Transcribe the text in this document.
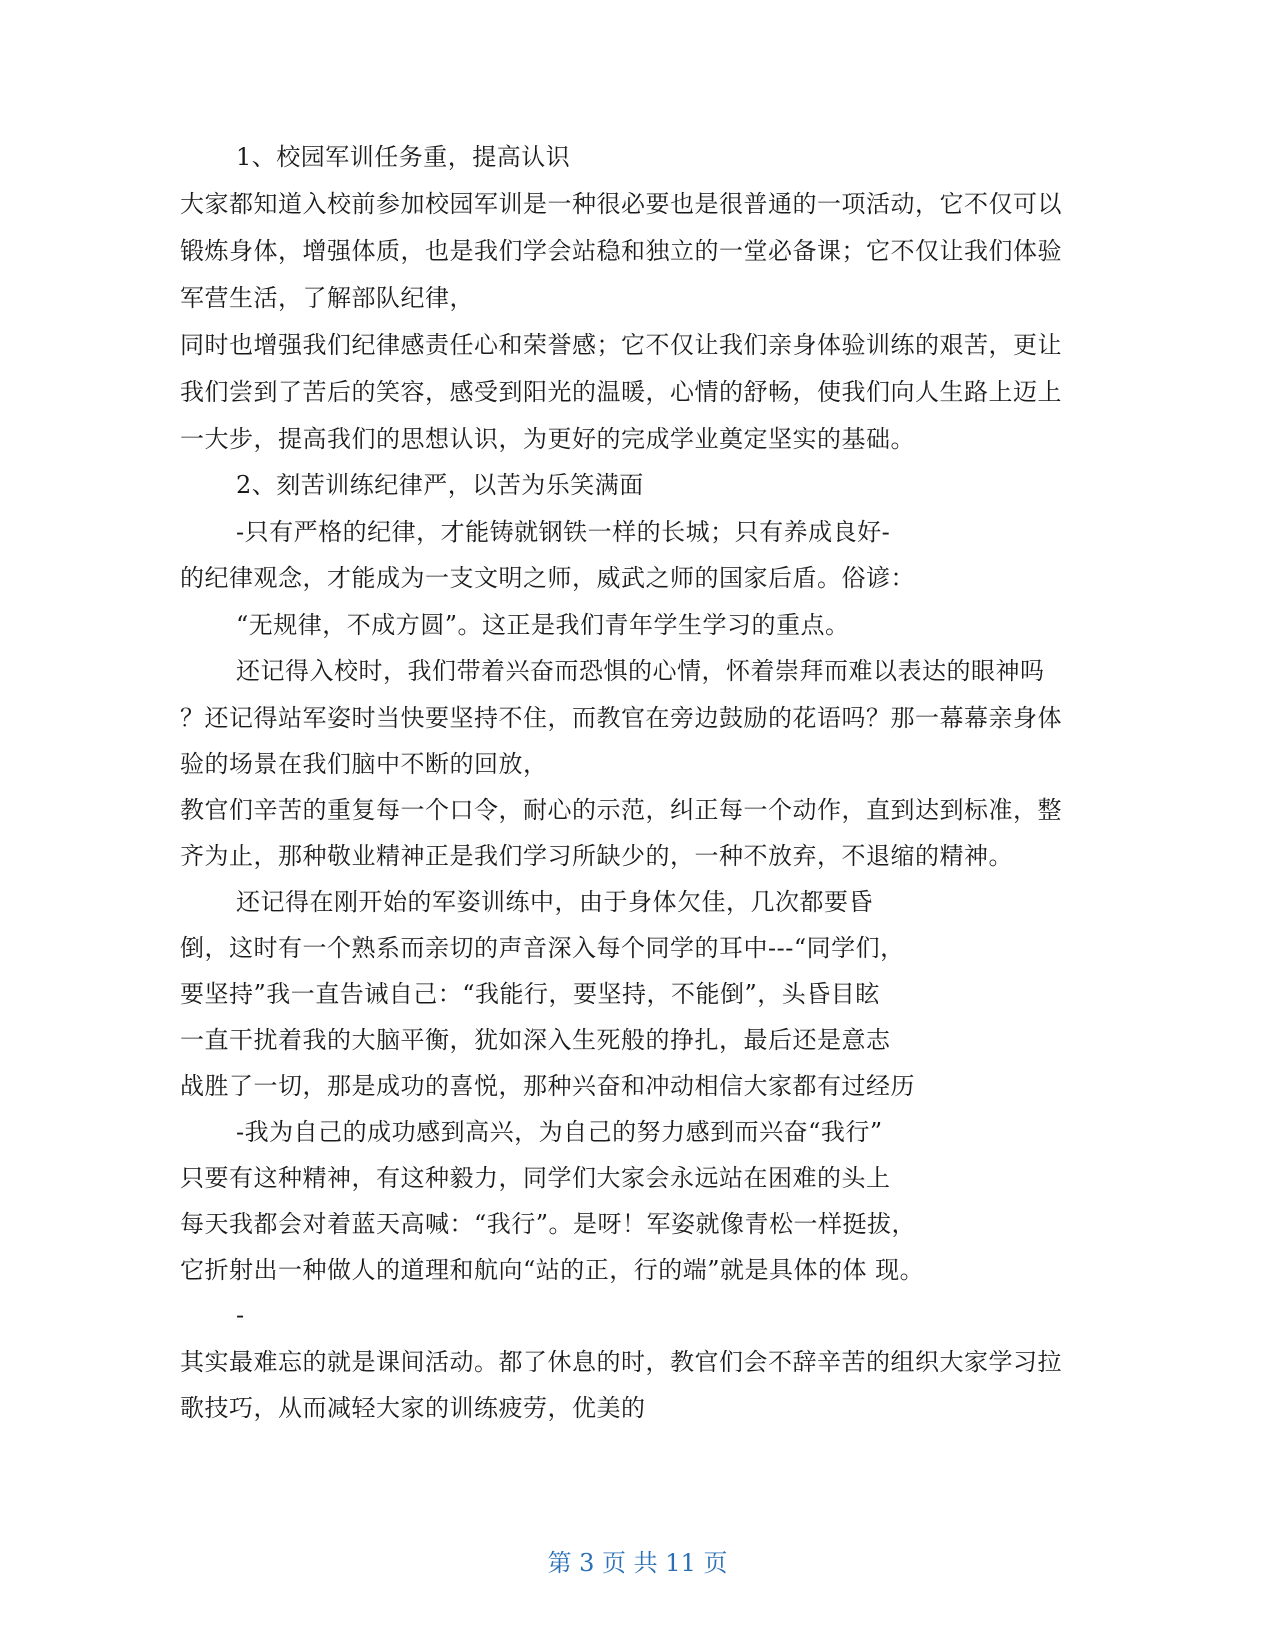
1、校园军训任务重，提高认识
大家都知道入校前参加校园军训是一种很必要也是很普通的一项活动，它不仅可以
锻炼身体，增强体质，也是我们学会站稳和独立的一堂必备课；它不仅让我们体验
军营生活，了解部队纪律，
同时也增强我们纪律感责任心和荣誉感；它不仅让我们亲身体验训练的艰苦，更让
我们尝到了苦后的笑容，感受到阳光的温暖，心情的舒畅，使我们向人生路上迈上
一大步，提高我们的思想认识，为更好的完成学业奠定坚实的基础。
2、刻苦训练纪律严，以苦为乐笑满面
-只有严格的纪律，才能铸就钢铁一样的长城；只有养成良好-
的纪律观念，才能成为一支文明之师，威武之师的国家后盾。俗谚：
“无规律，不成方圆”。这正是我们青年学生学习的重点。
还记得入校时，我们带着兴奋而恐惧的心情，怀着崇拜而难以表达的眼神吗
？还记得站军姿时当快要坚持不住，而教官在旁边鼓励的花语吗？那一幕幕亲身体
验的场景在我们脑中不断的回放，
教官们辛苦的重复每一个口令，耐心的示范，纠正每一个动作，直到达到标准，整
齐为止，那种敬业精神正是我们学习所缺少的，一种不放弃，不退缩的精神。
还记得在刚开始的军姿训练中，由于身体欠佳，几次都要昏
倒，这时有一个熟系而亲切的声音深入每个同学的耳中---“同学们，
要坚持”我一直告诫自己：“我能行，要坚持，不能倒”，头昏目眩
一直干扰着我的大脑平衡，犹如深入生死般的挣扎，最后还是意志
战胜了一切，那是成功的喜悦，那种兴奋和冲动相信大家都有过经历
-我为自己的成功感到高兴，为自己的努力感到而兴奋“我行”
只要有这种精神，有这种毅力，同学们大家会永远站在困难的头上
每天我都会对着蓝天高喊：“我行”。是呀！军姿就像青松一样挺拔，
它折射出一种做人的道理和航向“站的正，行的端”就是具体的体 现。
-
其实最难忘的就是课间活动。都了休息的时，教官们会不辞辛苦的组织大家学习拉
歌技巧，从而减轻大家的训练疲劳，优美的
第 3 页 共 11 页
